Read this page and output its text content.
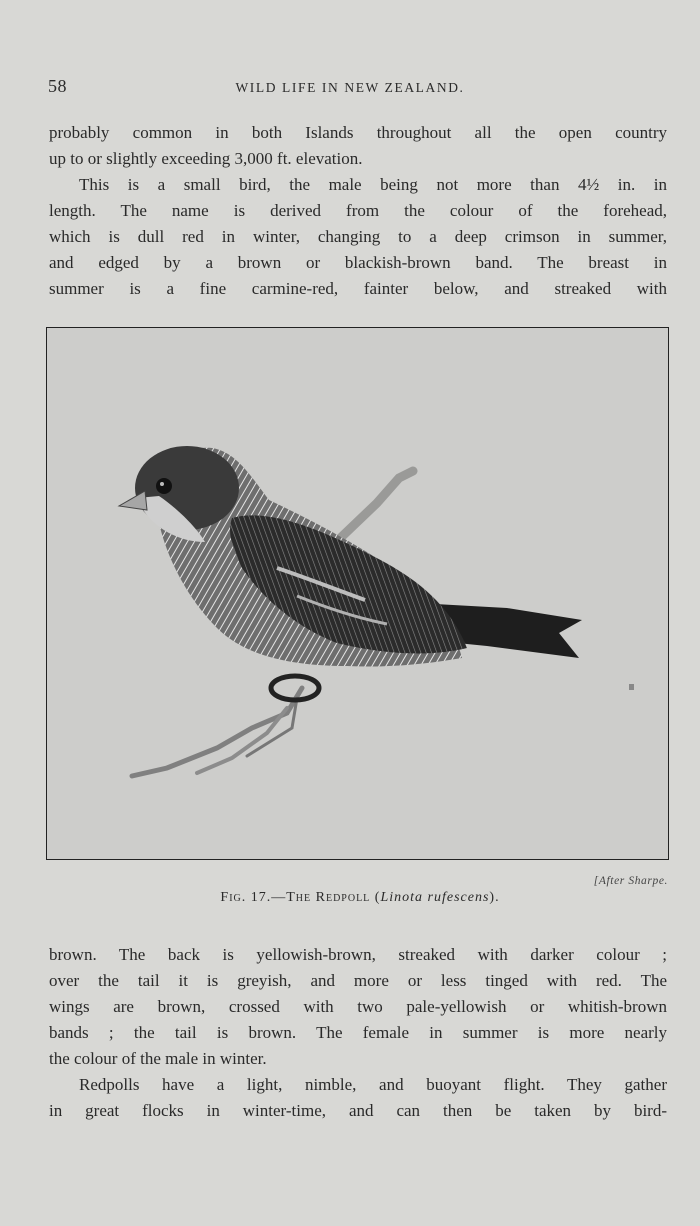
58	WILD LIFE IN NEW ZEALAND.
probably common in both Islands throughout all the open country
up to or slightly exceeding 3,000 ft. elevation.
This is a small bird, the male being not more than 4½ in. in
length. The name is derived from the colour of the forehead,
which is dull red in winter, changing to a deep crimson in summer,
and edged by a brown or blackish-brown band. The breast in
summer is a fine carmine-red, fainter below, and streaked with
[After Sharpe.
Fig. 17.—The Redpoll (Linota rufescens).
brown. The back is yellowish-brown, streaked with darker colour ;
over the tail it is greyish, and more or less tinged with red. The
wings are brown, crossed with two pale-yellowish or whitish-brown
bands ; the tail is brown. The female in summer is more nearly
the colour of the male in winter.
Redpolls have a light, nimble, and buoyant flight. They gather
in great flocks in winter-time, and can then be taken by bird-
